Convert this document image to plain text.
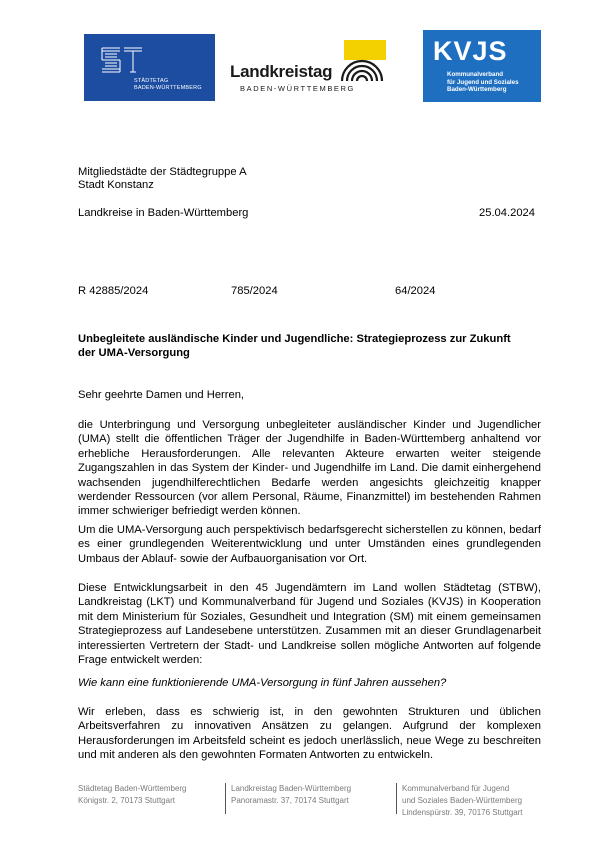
STÄDTETAG
BADEN-WÜRTTEMBERG
Landkreistag
BADEN-WÜRTTEMBERG
KVJS
Kommunalverband
für Jugend und Soziales
Baden-Württemberg
Mitgliedstädte der Städtegruppe A
Stadt Konstanz
Landkreise in Baden-Württemberg	25.04.2024
R 42885/2024	785/2024	64/2024
Unbegleitete ausländische Kinder und Jugendliche: Strategieprozess zur Zukunft
der UMA-Versorgung
Sehr geehrte Damen und Herren,
die Unterbringung und Versorgung unbegleiteter ausländischer Kinder und Jugendlicher (UMA) stellt die öffentlichen Träger der Jugendhilfe in Baden-Württemberg anhaltend vor erhebliche Herausforderungen. Alle relevanten Akteure erwarten weiter steigende Zugangszahlen in das System der Kinder- und Jugendhilfe im Land. Die damit einhergehend wachsenden jugendhilferechtlichen Bedarfe werden angesichts gleichzeitig knapper werdender Ressourcen (vor allem Personal, Räume, Finanzmittel) im bestehenden Rahmen immer schwieriger befriedigt werden können.
Um die UMA-Versorgung auch perspektivisch bedarfsgerecht sicherstellen zu können, bedarf es einer grundlegenden Weiterentwicklung und unter Umständen eines grundlegenden Umbaus der Ablauf- sowie der Aufbauorganisation vor Ort.
Diese Entwicklungsarbeit in den 45 Jugendämtern im Land wollen Städtetag (STBW), Landkreistag (LKT) und Kommunalverband für Jugend und Soziales (KVJS) in Kooperation mit dem Ministerium für Soziales, Gesundheit und Integration (SM) mit einem gemeinsamen Strategieprozess auf Landesebene unterstützen. Zusammen mit an dieser Grundlagenarbeit interessierten Vertretern der Stadt- und Landkreise sollen mögliche Antworten auf folgende Frage entwickelt werden:
Wie kann eine funktionierende UMA-Versorgung in fünf Jahren aussehen?
Wir erleben, dass es schwierig ist, in den gewohnten Strukturen und üblichen Arbeitsverfahren zu innovativen Ansätzen zu gelangen. Aufgrund der komplexen Herausforderungen im Arbeitsfeld scheint es jedoch unerlässlich, neue Wege zu beschreiten und mit anderen als den gewohnten Formaten Antworten zu entwickeln.
Städtetag Baden-Württemberg
Königstr. 2, 70173 Stuttgart
Landkreistag Baden-Württemberg
Panoramastr. 37, 70174 Stuttgart
Kommunalverband für Jugend
und Soziales Baden-Württemberg
Lindenspürstr. 39, 70176 Stuttgart
